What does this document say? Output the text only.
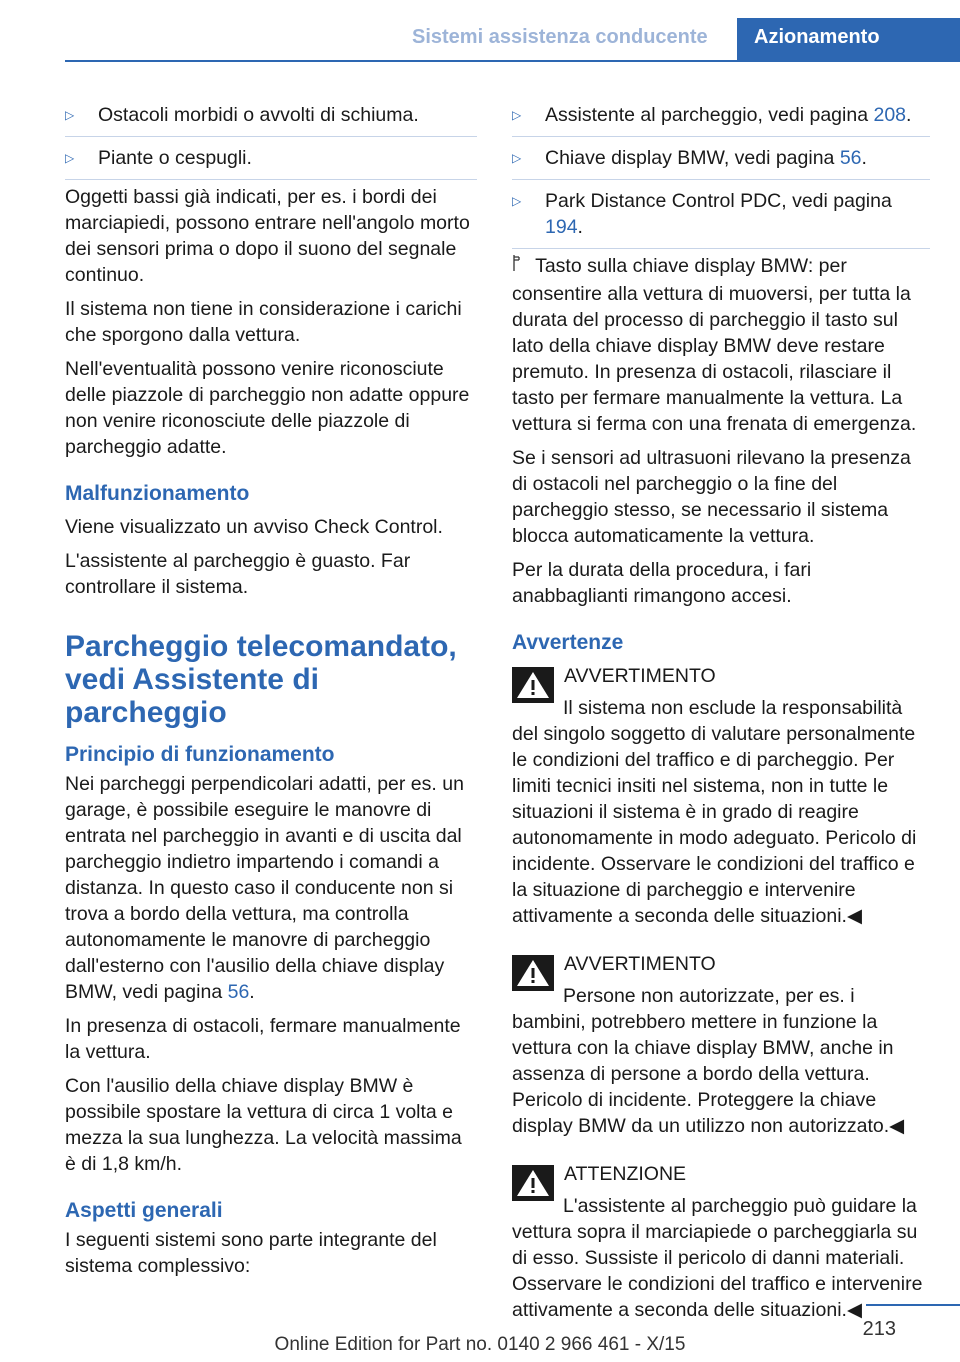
Sistemi assistenza conducente	Azionamento
▷ Ostacoli morbidi o avvolti di schiuma.
▷ Piante o cespugli.

Oggetti bassi già indicati, per es. i bordi dei marciapiedi, possono entrare nell'angolo morto dei sensori prima o dopo il suono del segnale continuo.

Il sistema non tiene in considerazione i carichi che sporgono dalla vettura.

Nell'eventualità possono venire riconosciute delle piazzole di parcheggio non adatte oppure non venire riconosciute delle piazzole di parcheggio adatte.

Malfunzionamento

Viene visualizzato un avviso Check Control.

L'assistente al parcheggio è guasto. Far controllare il sistema.

Parcheggio telecomandato, vedi Assistente di parcheggio
Principio di funzionamento

Nei parcheggi perpendicolari adatti, per es. un garage, è possibile eseguire le manovre di entrata nel parcheggio in avanti e di uscita dal parcheggio indietro impartendo i comandi a distanza. In questo caso il conducente non si trova a bordo della vettura, ma controlla autonomamente le manovre di parcheggio dall'esterno con l'ausilio della chiave display BMW, vedi pagina 56.

In presenza di ostacoli, fermare manualmente la vettura.

Con l'ausilio della chiave display BMW è possibile spostare la vettura di circa 1 volta e mezza la sua lunghezza. La velocità massima è di 1,8 km/h.

Aspetti generali

I seguenti sistemi sono parte integrante del sistema complessivo:

▷ Assistente al parcheggio, vedi pagina 208.
▷ Chiave display BMW, vedi pagina 56.
▷ Park Distance Control PDC, vedi pagina 194.

Tasto sulla chiave display BMW: per consentire alla vettura di muoversi, per tutta la durata del processo di parcheggio il tasto sul lato della chiave display BMW deve restare premuto. In presenza di ostacoli, rilasciare il tasto per fermare manualmente la vettura. La vettura si ferma con una frenata di emergenza.

Se i sensori ad ultrasuoni rilevano la presenza di ostacoli nel parcheggio o la fine del parcheggio stesso, se necessario il sistema blocca automaticamente la vettura.

Per la durata della procedura, i fari anabbaglianti rimangono accesi.

Avvertenze
AVVERTIMENTO

Il sistema non esclude la responsabilità del singolo soggetto di valutare personalmente le condizioni del traffico e di parcheggio. Per limiti tecnici insiti nel sistema, non in tutte le situazioni il sistema è in grado di reagire autonomamente in modo adeguato. Pericolo di incidente. Osservare le condizioni del traffico e la situazione di parcheggio e intervenire attivamente a seconda delle situazioni.◀

AVVERTIMENTO

Persone non autorizzate, per es. i bambini, potrebbero mettere in funzione la vettura con la chiave display BMW, anche in assenza di persone a bordo della vettura. Pericolo di incidente. Proteggere la chiave display BMW da un utilizzo non autorizzato.◀

ATTENZIONE

L'assistente al parcheggio può guidare la vettura sopra il marciapiede o parcheggiarla su di esso. Sussiste il pericolo di danni materiali. Osservare le condizioni del traffico e intervenire attivamente a seconda delle situazioni.◀

213
Online Edition for Part no. 0140 2 966 461 - X/15
